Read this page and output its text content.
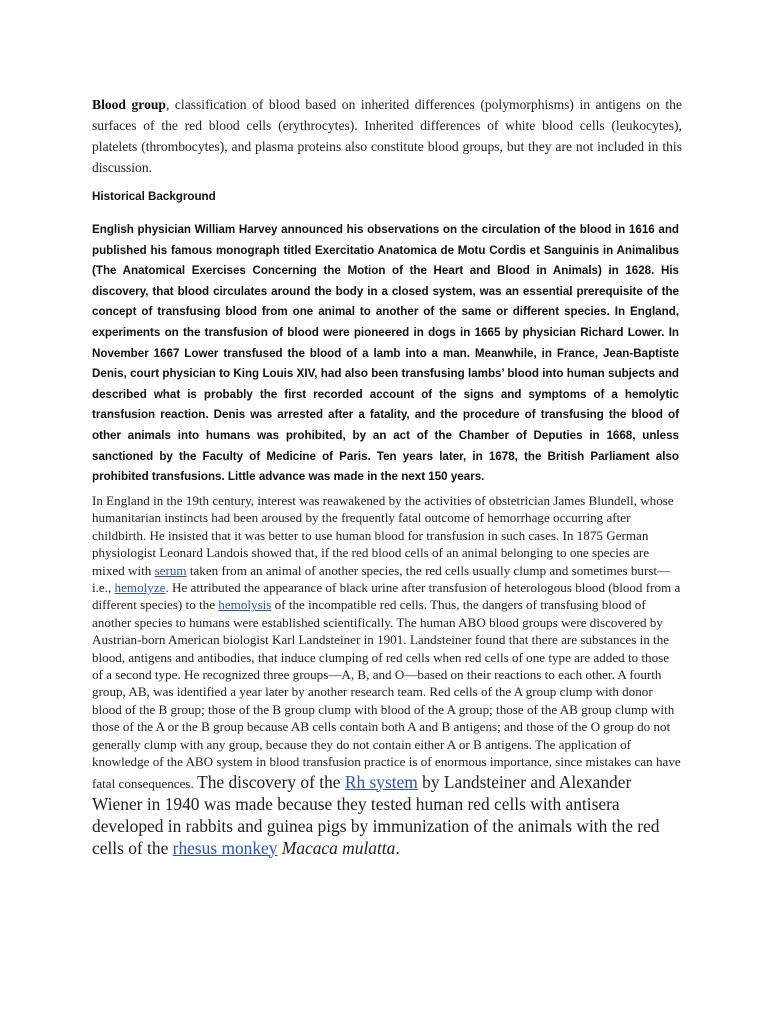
Blood group, classification of blood based on inherited differences (polymorphisms) in antigens on the surfaces of the red blood cells (erythrocytes). Inherited differences of white blood cells (leukocytes), platelets (thrombocytes), and plasma proteins also constitute blood groups, but they are not included in this discussion.

Historical Background

English physician William Harvey announced his observations on the circulation of the blood in 1616 and published his famous monograph titled Exercitatio Anatomica de Motu Cordis et Sanguinis in Animalibus (The Anatomical Exercises Concerning the Motion of the Heart and Blood in Animals) in 1628. His discovery, that blood circulates around the body in a closed system, was an essential prerequisite of the concept of transfusing blood from one animal to another of the same or different species. In England, experiments on the transfusion of blood were pioneered in dogs in 1665 by physician Richard Lower. In November 1667 Lower transfused the blood of a lamb into a man. Meanwhile, in France, Jean-Baptiste Denis, court physician to King Louis XIV, had also been transfusing lambs’ blood into human subjects and described what is probably the first recorded account of the signs and symptoms of a hemolytic transfusion reaction. Denis was arrested after a fatality, and the procedure of transfusing the blood of other animals into humans was prohibited, by an act of the Chamber of Deputies in 1668, unless sanctioned by the Faculty of Medicine of Paris. Ten years later, in 1678, the British Parliament also prohibited transfusions. Little advance was made in the next 150 years.

In England in the 19th century, interest was reawakened by the activities of obstetrician James Blundell, whose humanitarian instincts had been aroused by the frequently fatal outcome of hemorrhage occurring after childbirth. He insisted that it was better to use human blood for transfusion in such cases. In 1875 German physiologist Leonard Landois showed that, if the red blood cells of an animal belonging to one species are mixed with serum taken from an animal of another species, the red cells usually clump and sometimes burst—i.e., hemolyze. He attributed the appearance of black urine after transfusion of heterologous blood (blood from a different species) to the hemolysis of the incompatible red cells. Thus, the dangers of transfusing blood of another species to humans were established scientifically. The human ABO blood groups were discovered by Austrian-born American biologist Karl Landsteiner in 1901. Landsteiner found that there are substances in the blood, antigens and antibodies, that induce clumping of red cells when red cells of one type are added to those of a second type. He recognized three groups—A, B, and O—based on their reactions to each other. A fourth group, AB, was identified a year later by another research team. Red cells of the A group clump with donor blood of the B group; those of the B group clump with blood of the A group; those of the AB group clump with those of the A or the B group because AB cells contain both A and B antigens; and those of the O group do not generally clump with any group, because they do not contain either A or B antigens. The application of knowledge of the ABO system in blood transfusion practice is of enormous importance, since mistakes can have fatal consequences. The discovery of the Rh system by Landsteiner and Alexander Wiener in 1940 was made because they tested human red cells with antisera developed in rabbits and guinea pigs by immunization of the animals with the red cells of the rhesus monkey Macaca mulatta.
